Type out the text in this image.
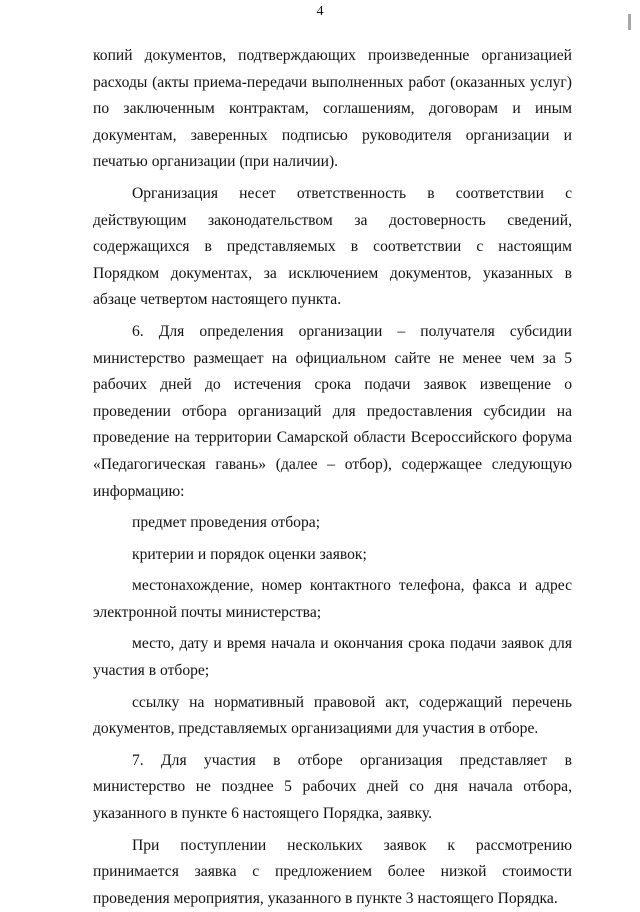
4

копий документов, подтверждающих произведенные организацией расходы (акты приема-передачи выполненных работ (оказанных услуг) по заключенным контрактам, соглашениям, договорам и иным документам, заверенных подписью руководителя организации и печатью организации (при наличии).

Организация несет ответственность в соответствии с действующим законодательством за достоверность сведений, содержащихся в представляемых в соответствии с настоящим Порядком документах, за исключением документов, указанных в абзаце четвертом настоящего пункта.

6. Для определения организации – получателя субсидии министерство размещает на официальном сайте не менее чем за 5 рабочих дней до истечения срока подачи заявок извещение о проведении отбора организаций для предоставления субсидии на проведение на территории Самарской области Всероссийского форума «Педагогическая гавань» (далее – отбор), содержащее следующую информацию:

предмет проведения отбора;

критерии и порядок оценки заявок;

местонахождение, номер контактного телефона, факса и адрес электронной почты министерства;

место, дату и время начала и окончания срока подачи заявок для участия в отборе;

ссылку на нормативный правовой акт, содержащий перечень документов, представляемых организациями для участия в отборе.

7. Для участия в отборе организация представляет в министерство не позднее 5 рабочих дней со дня начала отбора, указанного в пункте 6 настоящего Порядка, заявку.

При поступлении нескольких заявок к рассмотрению принимается заявка с предложением более низкой стоимости проведения мероприятия, указанного в пункте 3 настоящего Порядка.
